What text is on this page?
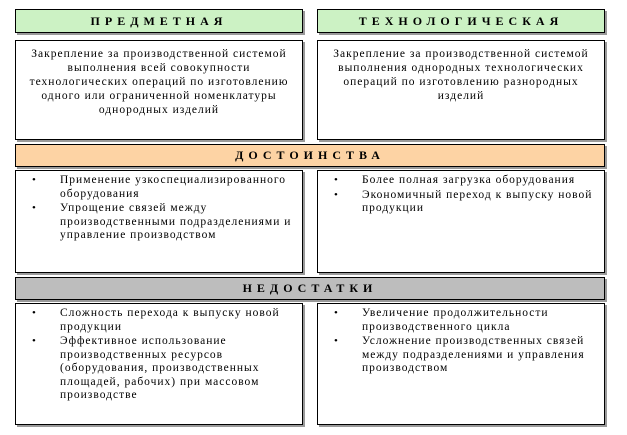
ПРЕДМЕТНАЯ	ТЕХНОЛОГИЧЕСКАЯ
Закрепление за производственной системой выполнения всей совокупности технологических операций по изготовлению одного или ограниченной номенклатуры однородных изделий
Закрепление за производственной системой выполнения однородных технологических операций по изготовлению разнородных изделий
ДОСТОИНСТВА
• Применение узкоспециализированного оборудования
• Упрощение связей между производственными подразделениями и управление производством
• Более полная загрузка оборудования
• Экономичный переход к выпуску новой продукции
НЕДОСТАТКИ
• Сложность перехода к выпуску новой продукции
• Эффективное использование производственных ресурсов (оборудования, производственных площадей, рабочих) при массовом производстве
• Увеличение продолжительности производственного цикла
• Усложнение производственных связей между подразделениями и управления производством
